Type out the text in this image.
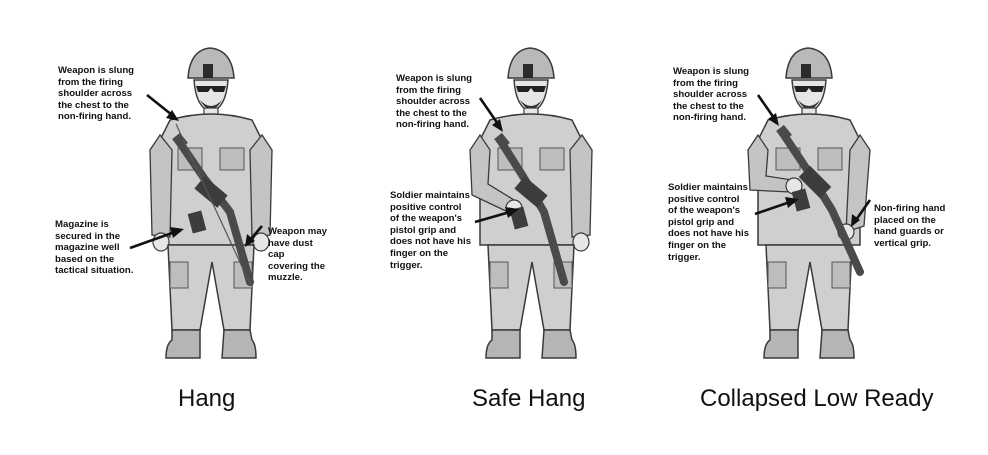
Weapon is slung
from the firing
shoulder across
the chest to the
non-firing hand.
Magazine is
secured in the
magazine well
based on the
tactical situation.
Weapon may
have dust cap
covering the
muzzle.
Hang
Weapon is slung
from the firing
shoulder across
the chest to the
non-firing hand.
Soldier maintains
positive control
of the weapon's
pistol grip and
does not have his
finger on the
trigger.
Safe Hang
Weapon is slung
from the firing
shoulder across
the chest to the
non-firing hand.
Soldier maintains
positive control
of the weapon's
pistol grip and
does not have his
finger on the
trigger.
Non-firing hand
placed on the
hand guards or
vertical grip.
Collapsed Low Ready
